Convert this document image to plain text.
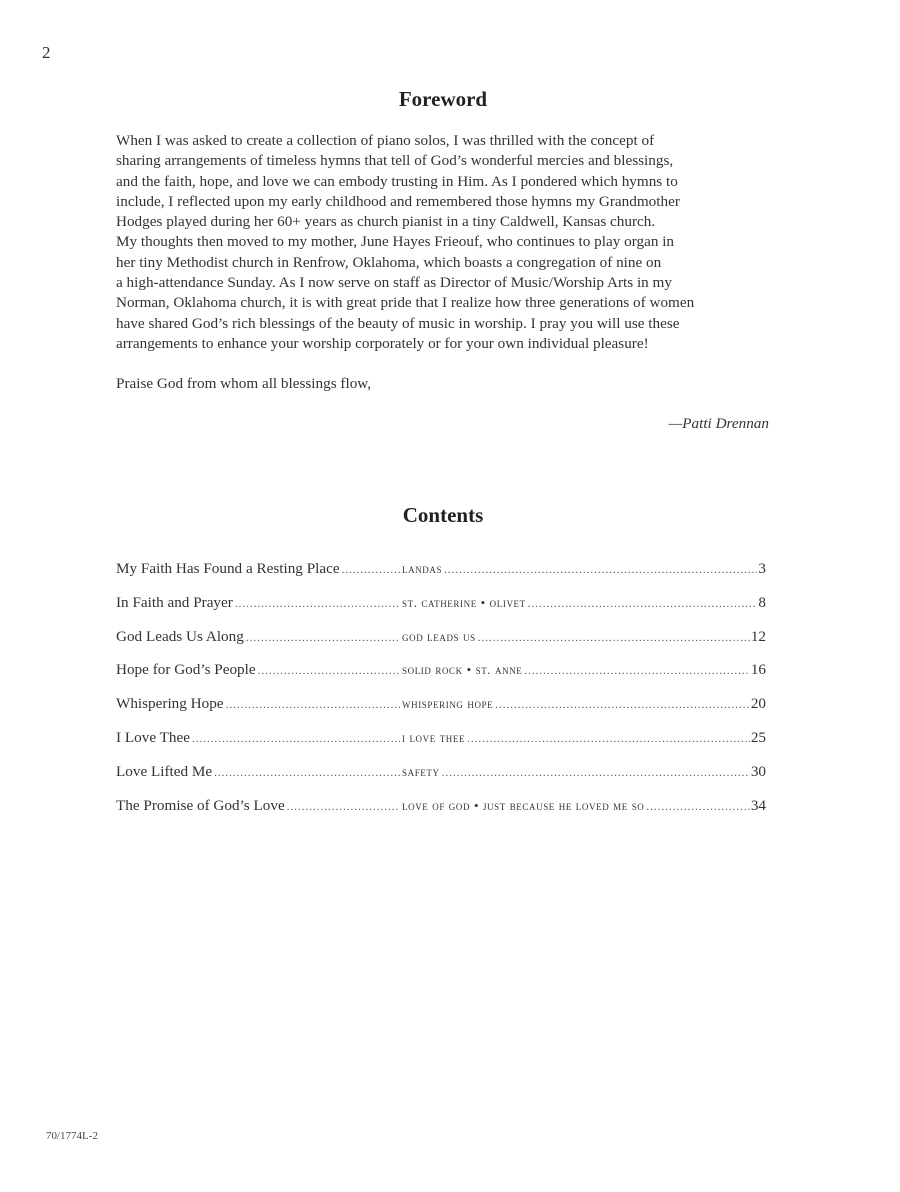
2
Foreword
When I was asked to create a collection of piano solos, I was thrilled with the concept of
sharing arrangements of timeless hymns that tell of God’s wonderful mercies and blessings,
and the faith, hope, and love we can embody trusting in Him. As I pondered which hymns to
include, I reflected upon my early childhood and remembered those hymns my Grandmother
Hodges played during her 60+ years as church pianist in a tiny Caldwell, Kansas church.
My thoughts then moved to my mother, June Hayes Frieouf, who continues to play organ in
her tiny Methodist church in Renfrow, Oklahoma, which boasts a congregation of nine on
a high-attendance Sunday. As I now serve on staff as Director of Music/Worship Arts in my
Norman, Oklahoma church, it is with great pride that I realize how three generations of women
have shared God’s rich blessings of the beauty of music in worship. I pray you will use these
arrangements to enhance your worship corporately or for your own individual pleasure!
Praise God from whom all blessings flow,
—Patti Drennan
Contents
My Faith Has Found a Resting Place .....	landas .....	3
In Faith and Prayer .....	st. catherine • olivet .....	8
God Leads Us Along .....	god leads us .....	12
Hope for God’s People .....	solid rock • st. anne .....	16
Whispering Hope .....	whispering hope .....	20
I Love Thee .....	i love thee .....	25
Love Lifted Me .....	safety .....	30
The Promise of God’s Love .....	love of god • just because he loved me so .....	34
70/1774L-2
